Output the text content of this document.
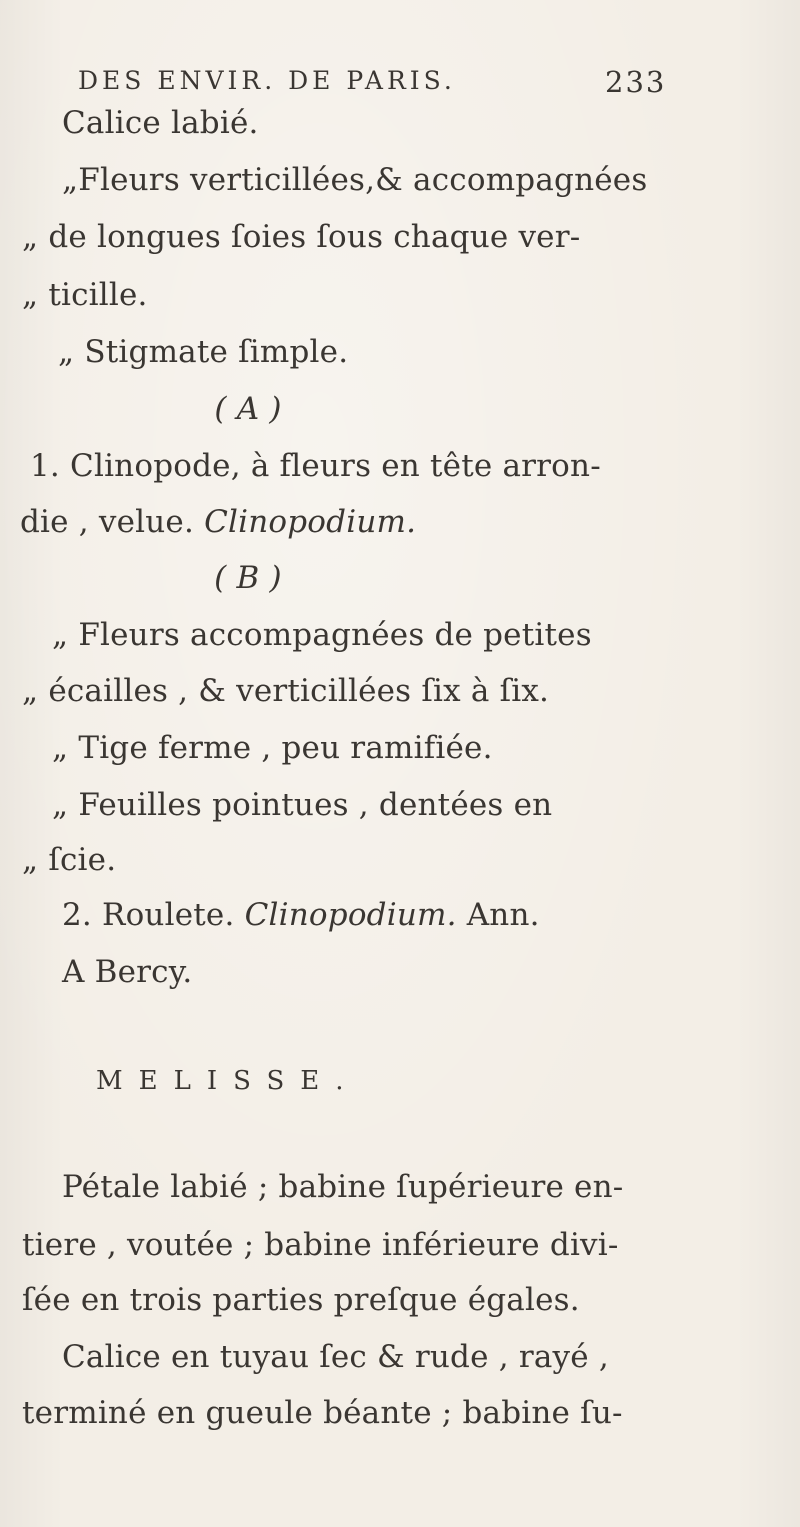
DES ENVIR. DE PARIS.	233
Calice labié.
„Fleurs verticillées,& accompagnées
„ de longues ſoies ſous chaque ver-
„ ticille.
„ Stigmate ſimple.
( A )
1. Clinopode, à fleurs en tête arron-
die , velue. Clinopodium.
( B )
„ Fleurs accompagnées de petites
„ écailles , & verticillées ſix à ſix.
„ Tige ferme , peu ramifiée.
„ Feuilles pointues , dentées en
„ ſcie.
2. Roulete. Clinopodium. Ann.
A Bercy.
MELISSE.
Pétale labié ; babine ſupérieure en-
tiere , voutée ; babine inférieure divi-
ſée en trois parties preſque égales.
Calice en tuyau ſec & rude , rayé ,
terminé en gueule béante ; babine ſu-
